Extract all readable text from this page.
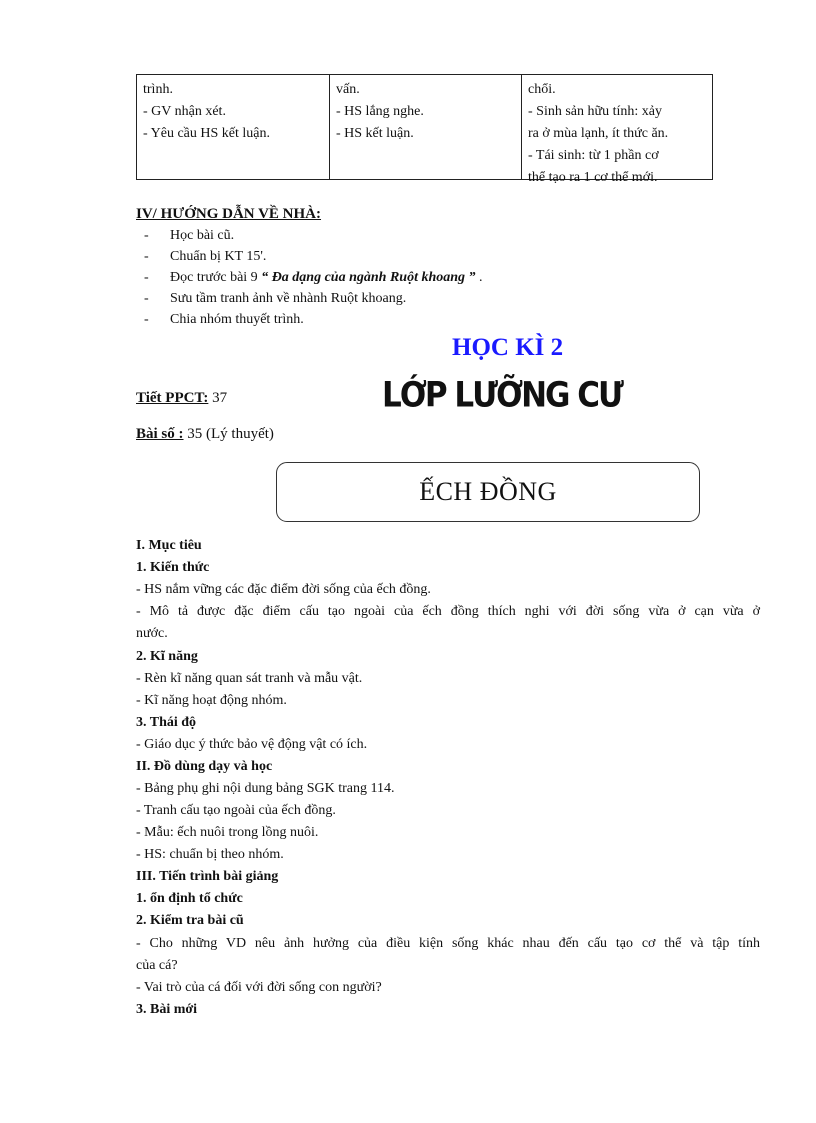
trình.
- GV nhận xét.
- Yêu cầu HS kết luận.
vấn.
- HS lắng nghe.
- HS kết luận.
chổi.
- Sinh sản hữu tính: xảy
ra ở mùa lạnh, ít thức ăn.
- Tái sinh: từ 1 phần cơ
thể tạo ra 1 cơ thể mới.
IV/ HƯỚNG DẪN VỀ NHÀ:
- Học bài cũ.
- Chuẩn bị KT 15'.
- Đọc trước bài 9 “ Đa dạng của ngành Ruột khoang ” .
- Sưu tầm tranh ảnh về nhành Ruột khoang.
- Chia nhóm thuyết trình.
HỌC KÌ 2
Tiết PPCT: 37	LỚP LƯỠNG CƯ
Bài số : 35 (Lý thuyết)
ẾCH ĐỒNG
I. Mục tiêu
1. Kiến thức
- HS nắm vững các đặc điểm đời sống của ếch đồng.
- Mô tả được đặc điểm cấu tạo ngoài của ếch đồng thích nghi với đời sống vừa ở cạn vừa ở
nước.
2. Kĩ năng
- Rèn kĩ năng quan sát tranh và mẫu vật.
- Kĩ năng hoạt động nhóm.
3. Thái độ
- Giáo dục ý thức bảo vệ động vật có ích.
II. Đồ dùng dạy và học
- Bảng phụ ghi nội dung bảng SGK trang 114.
- Tranh cấu tạo ngoài của ếch đồng.
- Mẫu: ếch nuôi trong lồng nuôi.
- HS: chuẩn bị theo nhóm.
III. Tiến trình bài giảng
1. ổn định tổ chức
2. Kiểm tra bài cũ
- Cho những VD nêu ảnh hưởng của điều kiện sống khác nhau đến cấu tạo cơ thể và tập tính
của cá?
- Vai trò của cá đối với đời sống con người?
3. Bài mới
